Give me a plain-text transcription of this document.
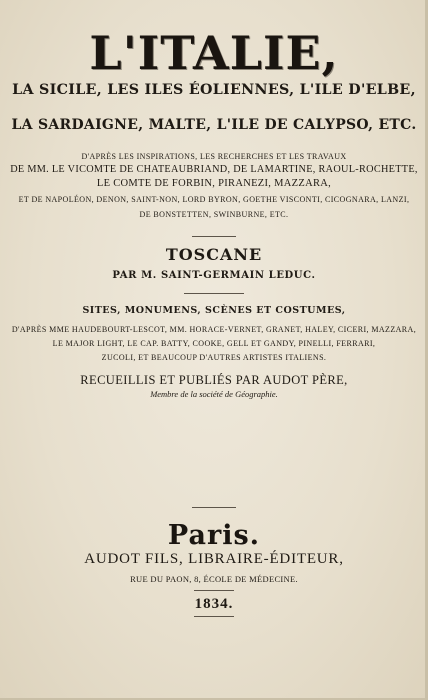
L'ITALIE,
LA SICILE, LES ILES ÉOLIENNES, L'ILE D'ELBE,
LA SARDAIGNE, MALTE, L'ILE DE CALYPSO, ETC.
D'APRÈS LES INSPIRATIONS, LES RECHERCHES ET LES TRAVAUX
DE MM. LE VICOMTE DE CHATEAUBRIAND, DE LAMARTINE, RAOUL-ROCHETTE,
LE COMTE DE FORBIN, PIRANEZI, MAZZARA,
ET DE NAPOLÉON, DENON, SAINT-NON, LORD BYRON, GOETHE VISCONTI, CICOGNARA, LANZI,
DE BONSTETTEN, SWINBURNE, ETC.
TOSCANE
PAR M. SAINT-GERMAIN LEDUC.
SITES, MONUMENS, SCÈNES ET COSTUMES,
D'APRÈS MME HAUDEBOURT-LESCOT, MM. HORACE-VERNET, GRANET, HALEY, CICERI, MAZZARA,
LE MAJOR LIGHT, LE CAP. BATTY, COOKE, GELL ET GANDY, PINELLI, FERRARI,
ZUCOLI, ET BEAUCOUP D'AUTRES ARTISTES ITALIENS.
RECUEILLIS ET PUBLIÉS PAR AUDOT PÈRE,
Membre de la société de Géographie.
Paris.
AUDOT FILS, LIBRAIRE-ÉDITEUR,
RUE DU PAON, 8, ÉCOLE DE MÉDECINE.
1834.
